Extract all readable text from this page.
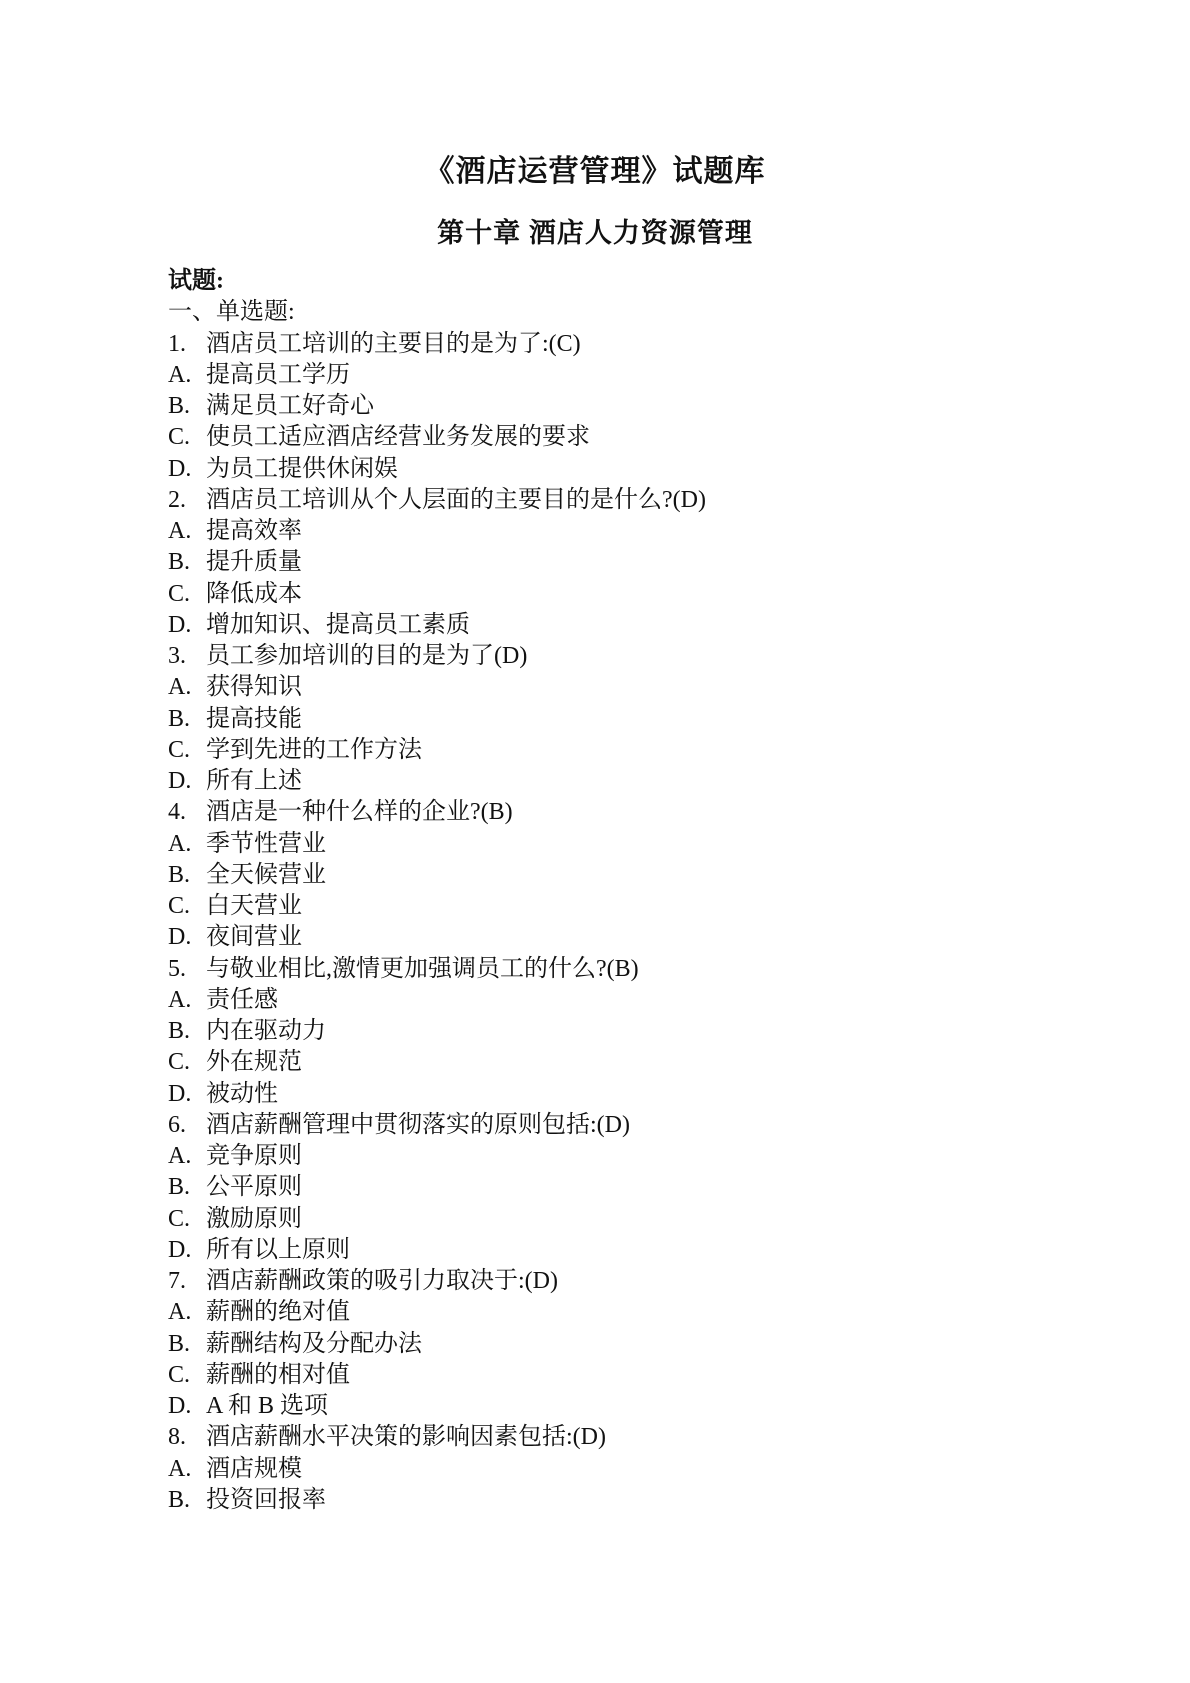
《酒店运营管理》试题库
第十章 酒店人力资源管理
试题:
一、单选题:
1. 酒店员工培训的主要目的是为了:(C)
A. 提高员工学历
B. 满足员工好奇心
C. 使员工适应酒店经营业务发展的要求
D. 为员工提供休闲娱
2. 酒店员工培训从个人层面的主要目的是什么?(D)
A. 提高效率
B. 提升质量
C. 降低成本
D. 增加知识、提高员工素质
3. 员工参加培训的目的是为了(D)
A. 获得知识
B. 提高技能
C. 学到先进的工作方法
D. 所有上述
4. 酒店是一种什么样的企业?(B)
A. 季节性营业
B. 全天候营业
C. 白天营业
D. 夜间营业
5. 与敬业相比,激情更加强调员工的什么?(B)
A. 责任感
B. 内在驱动力
C. 外在规范
D. 被动性
6. 酒店薪酬管理中贯彻落实的原则包括:(D)
A. 竞争原则
B. 公平原则
C. 激励原则
D. 所有以上原则
7. 酒店薪酬政策的吸引力取决于:(D)
A. 薪酬的绝对值
B. 薪酬结构及分配办法
C. 薪酬的相对值
D. A 和 B 选项
8. 酒店薪酬水平决策的影响因素包括:(D)
A. 酒店规模
B. 投资回报率
